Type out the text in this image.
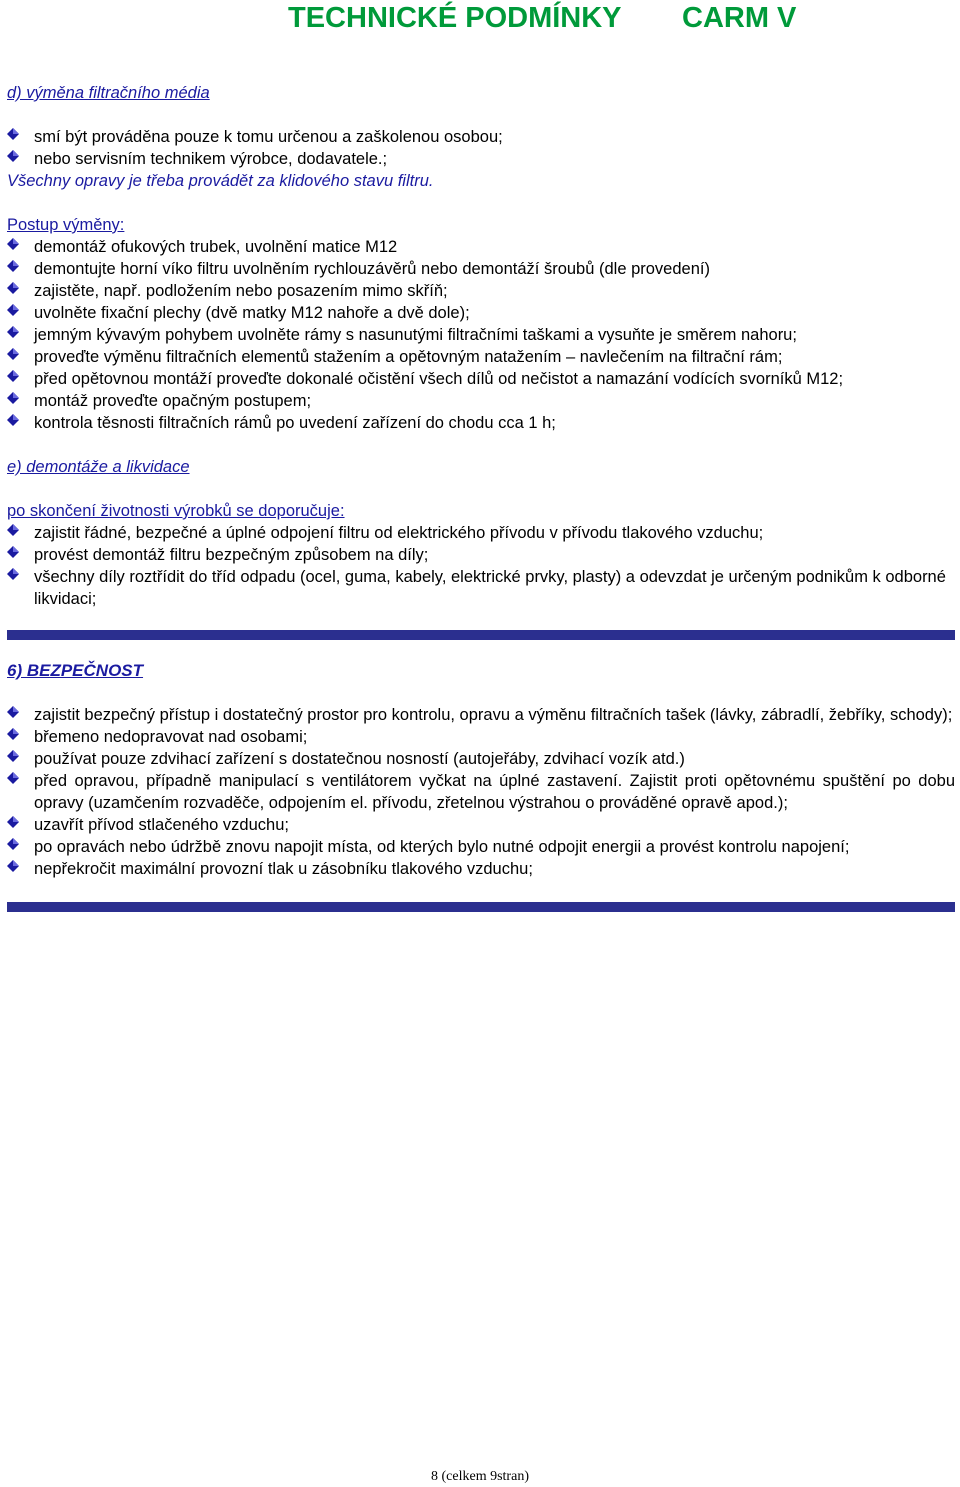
TECHNICKÉ PODMÍNKY CARM V

d) výměna filtračního média

smí být prováděna pouze k tomu určenou a zaškolenou osobou;
nebo servisním technikem výrobce, dodavatele.;

Všechny opravy je třeba provádět za klidového stavu filtru.

Postup výměny:

demontáž ofukových trubek, uvolnění matice M12
demontujte horní víko filtru uvolněním rychlouzávěrů nebo demontáží šroubů (dle provedení)
zajistěte, např. podložením nebo posazením mimo skříň;
uvolněte fixační plechy (dvě matky M12 nahoře a dvě dole);
jemným kývavým pohybem uvolněte rámy s nasunutými filtračními taškami a vysuňte je směrem nahoru;
proveďte výměnu filtračních elementů stažením a opětovným natažením – navlečením na filtrační rám;
před opětovnou montáží proveďte dokonalé očistění všech dílů od nečistot a namazání vodících svorníků M12;
montáž proveďte opačným postupem;
kontrola těsnosti filtračních rámů po uvedení zařízení do chodu cca 1 h;

e) demontáže a likvidace

po skončení životnosti výrobků se doporučuje:

zajistit řádné, bezpečné a úplné odpojení filtru od elektrického přívodu v přívodu tlakového vzduchu;
provést demontáž filtru bezpečným způsobem na díly;
všechny díly roztřídit do tříd odpadu (ocel, guma, kabely, elektrické prvky, plasty) a odevzdat je určeným podnikům k odborné likvidaci;

6) BEZPEČNOST

zajistit bezpečný přístup i dostatečný prostor pro kontrolu, opravu a výměnu filtračních tašek (lávky, zábradlí, žebříky, schody);
břemeno nedopravovat nad osobami;
používat pouze zdvihací zařízení s dostatečnou nosností (autojeřáby, zdvihací vozík atd.)
před opravou, případně manipulací s ventilátorem vyčkat na úplné zastavení. Zajistit proti opětovnému spuštění po dobu opravy (uzamčením rozvaděče, odpojením el. přívodu, zřetelnou výstrahou o prováděné opravě apod.);
uzavřít přívod stlačeného vzduchu;
po opravách nebo údržbě znovu napojit místa, od kterých bylo nutné odpojit energii a provést kontrolu napojení;
nepřekročit maximální provozní tlak u zásobníku tlakového vzduchu;
8 (celkem 9stran)
